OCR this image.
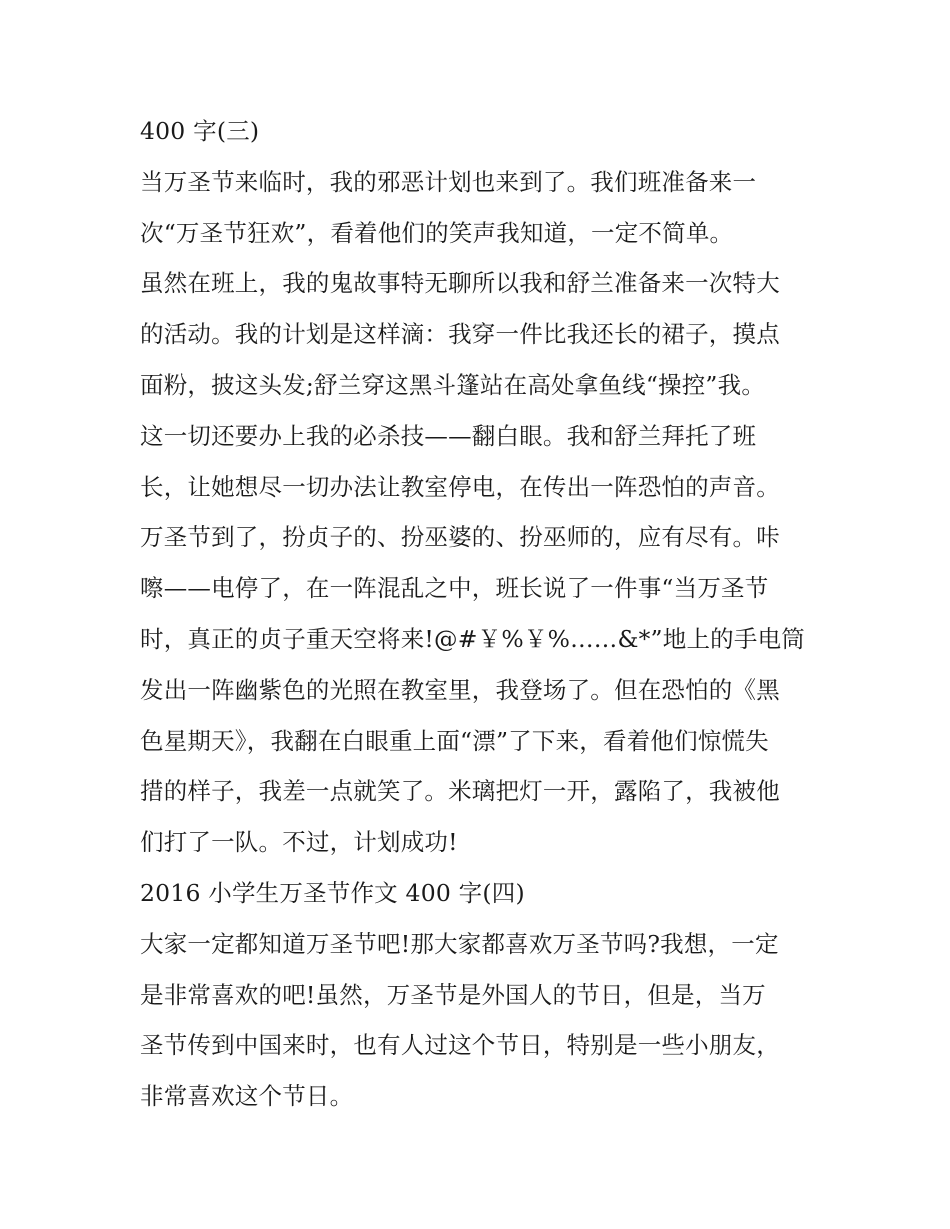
400 字(三)
当万圣节来临时，我的邪恶计划也来到了。我们班准备来一
次“万圣节狂欢”，看着他们的笑声我知道，一定不简单。
虽然在班上，我的鬼故事特无聊所以我和舒兰准备来一次特大
的活动。我的计划是这样滴：我穿一件比我还长的裙子，摸点
面粉，披这头发;舒兰穿这黑斗篷站在高处拿鱼线“操控”我。
这一切还要办上我的必杀技——翻白眼。我和舒兰拜托了班
长，让她想尽一切办法让教室停电，在传出一阵恐怕的声音。
万圣节到了，扮贞子的、扮巫婆的、扮巫师的，应有尽有。咔
嚓——电停了，在一阵混乱之中，班长说了一件事“当万圣节
时，真正的贞子重天空将来!@#￥%￥%……&*”地上的手电筒
发出一阵幽紫色的光照在教室里，我登场了。但在恐怕的《黑
色星期天》，我翻在白眼重上面“漂”了下来，看着他们惊慌失
措的样子，我差一点就笑了。米璃把灯一开，露陷了，我被他
们打了一队。不过，计划成功!
2016 小学生万圣节作文 400 字(四)
大家一定都知道万圣节吧!那大家都喜欢万圣节吗?我想，一定
是非常喜欢的吧!虽然，万圣节是外国人的节日，但是，当万
圣节传到中国来时，也有人过这个节日，特别是一些小朋友，
非常喜欢这个节日。
